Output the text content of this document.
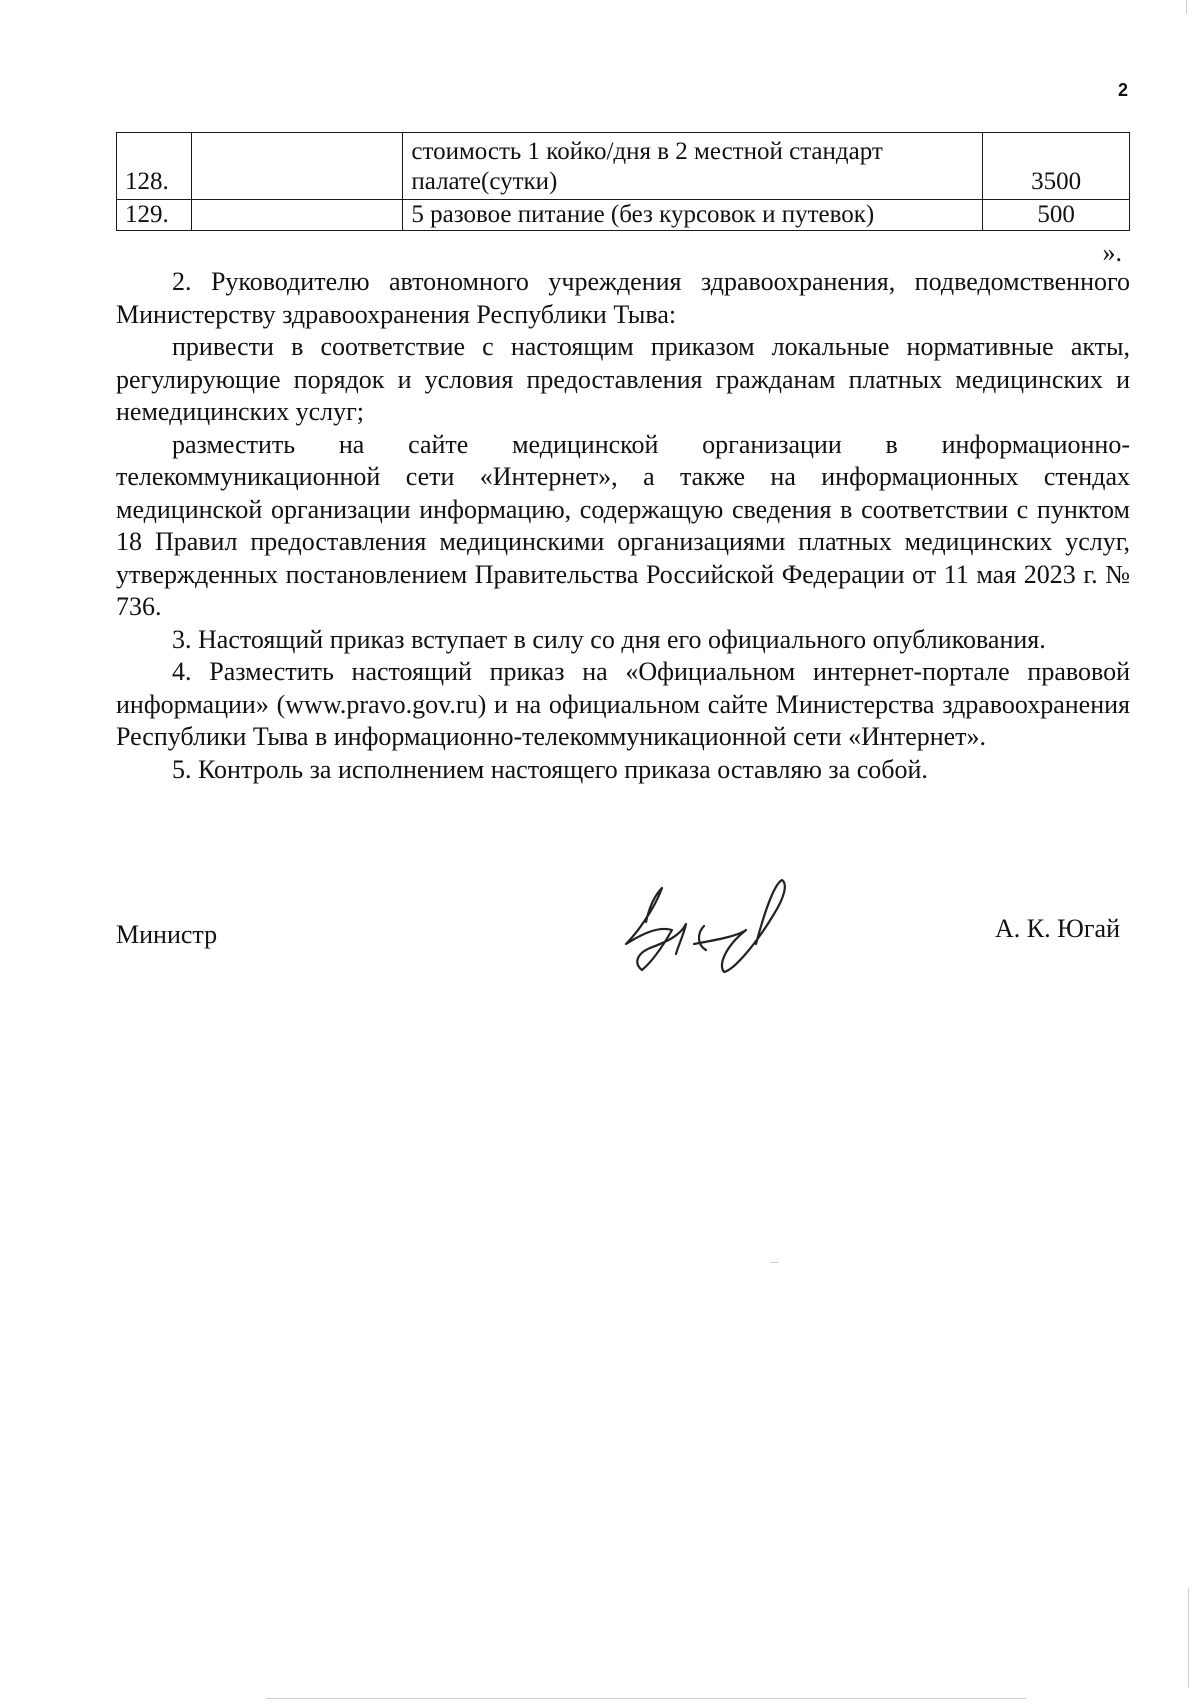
2
128.		стоимость 1 койко/дня в 2 местной стандарт палате(сутки)	3500
129.		5 разовое питание (без курсовок и путевок)	500
».

2. Руководителю автономного учреждения здравоохранения, подведомственного Министерству здравоохранения Республики Тыва:

привести в соответствие с настоящим приказом локальные нормативные акты, регулирующие порядок и условия предоставления гражданам платных медицинских и немедицинских услуг;

разместить на сайте медицинской организации в информационно-телекоммуникационной сети «Интернет», а также на информационных стендах медицинской организации информацию, содержащую сведения в соответствии с пунктом 18 Правил предоставления медицинскими организациями платных медицинских услуг, утвержденных постановлением Правительства Российской Федерации от 11 мая 2023 г. № 736.

3. Настоящий приказ вступает в силу со дня его официального опубликования.

4. Разместить настоящий приказ на «Официальном интернет-портале правовой информации» (www.pravo.gov.ru) и на официальном сайте Министерства здравоохранения Республики Тыва в информационно-телекоммуникационной сети «Интернет».

5. Контроль за исполнением настоящего приказа оставляю за собой.

Министр	А. К. Югай
